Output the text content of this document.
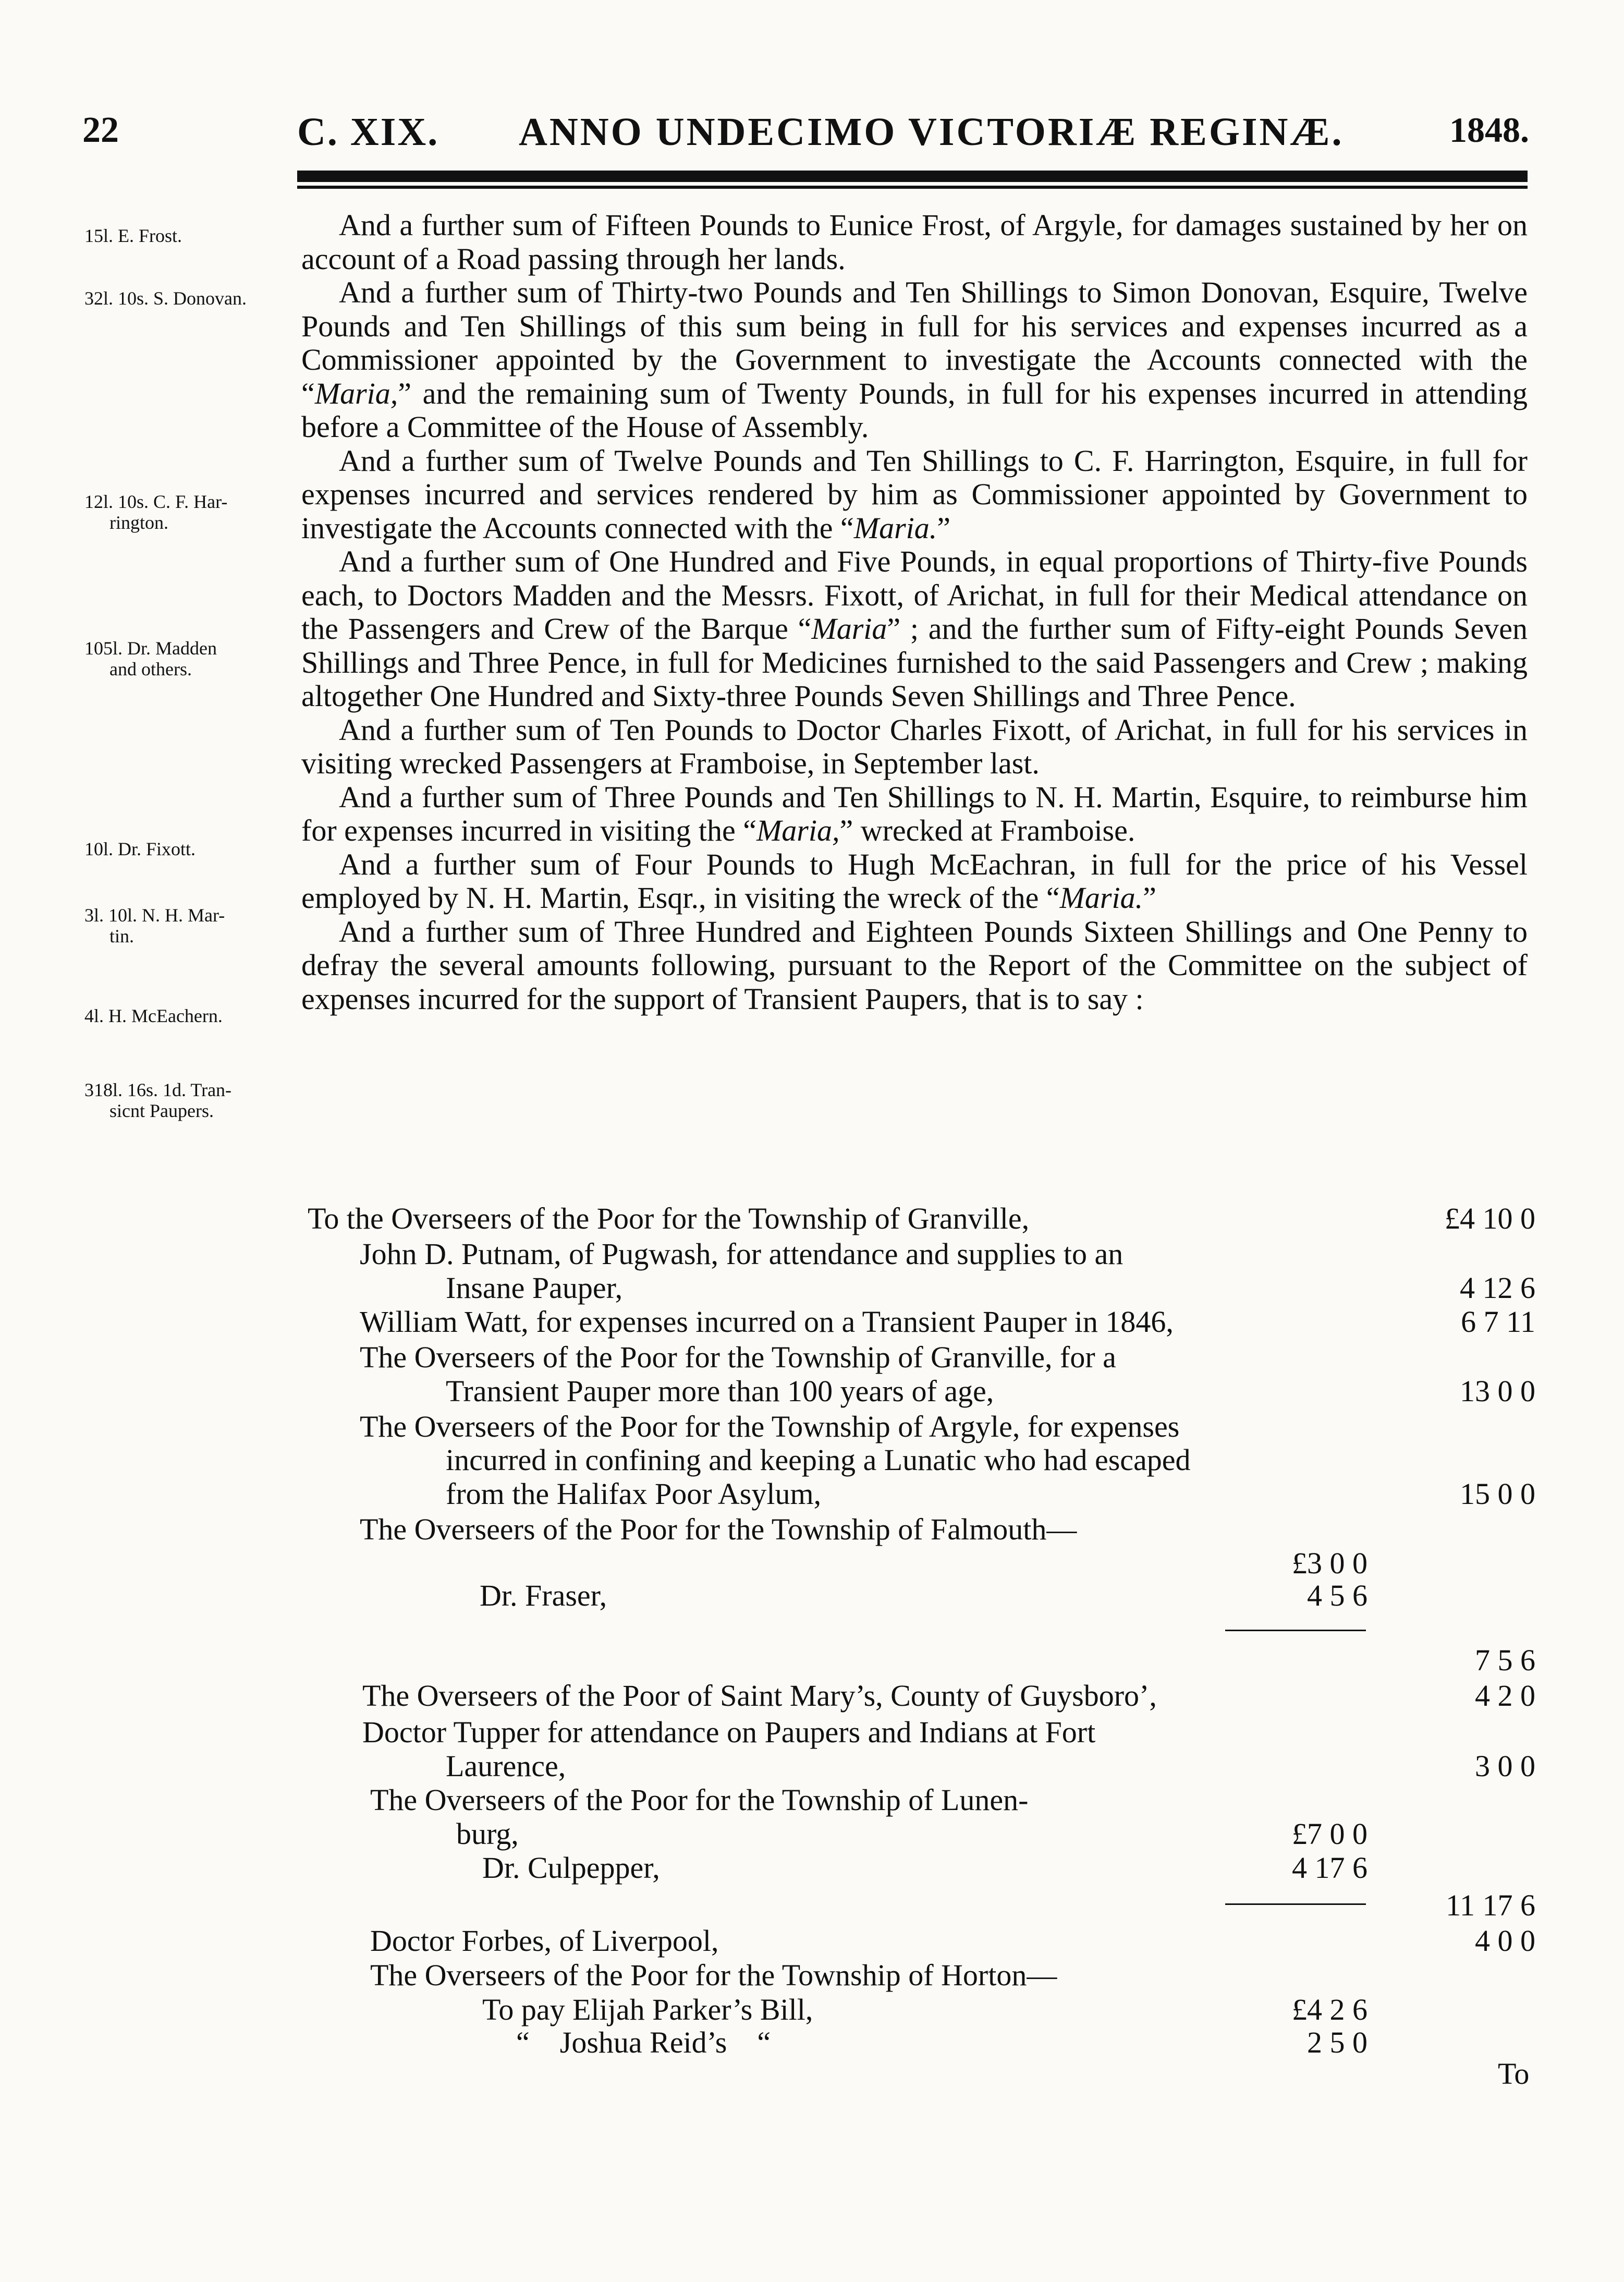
22	C. XIX. ANNO UNDECIMO VICTORIÆ REGINÆ.	1848.
15l. E. Frost.
32l. 10s. S. Donovan.
12l. 10s. C. F. Har-
rington.
105l. Dr. Madden
and others.
10l. Dr. Fixott.
3l. 10l. N. H. Mar-
tin.
4l. H. McEachern.
318l. 16s. 1d. Tran-
sicnt Paupers.
And a further sum of Fifteen Pounds to Eunice Frost, of Argyle, for damages sustained by her on account of a Road passing through her lands.
And a further sum of Thirty-two Pounds and Ten Shillings to Simon Donovan, Esquire, Twelve Pounds and Ten Shillings of this sum being in full for his services and expenses incurred as a Commissioner appointed by the Government to investigate the Accounts connected with the “Maria,” and the remaining sum of Twenty Pounds, in full for his expenses incurred in attending before a Committee of the House of Assembly.
And a further sum of Twelve Pounds and Ten Shillings to C. F. Harrington, Esquire, in full for expenses incurred and services rendered by him as Commissioner appointed by Government to investigate the Accounts connected with the “Maria.”
And a further sum of One Hundred and Five Pounds, in equal proportions of Thirty-five Pounds each, to Doctors Madden and the Messrs. Fixott, of Arichat, in full for their Medical attendance on the Passengers and Crew of the Barque “Maria” ; and the further sum of Fifty-eight Pounds Seven Shillings and Three Pence, in full for Medicines furnished to the said Passengers and Crew ; making altogether One Hundred and Sixty-three Pounds Seven Shillings and Three Pence.
And a further sum of Ten Pounds to Doctor Charles Fixott, of Arichat, in full for his services in visiting wrecked Passengers at Framboise, in September last.
And a further sum of Three Pounds and Ten Shillings to N. H. Martin, Esquire, to reimburse him for expenses incurred in visiting the “Maria,” wrecked at Framboise.
And a further sum of Four Pounds to Hugh McEachran, in full for the price of his Vessel employed by N. H. Martin, Esqr., in visiting the wreck of the “Maria.”
And a further sum of Three Hundred and Eighteen Pounds Sixteen Shillings and One Penny to defray the several amounts following, pursuant to the Report of the Committee on the subject of expenses incurred for the support of Transient Paupers, that is to say :
To the Overseers of the Poor for the Township of Granville,	£4 10 0
John D. Putnam, of Pugwash, for attendance and supplies to an
Insane Pauper,	4 12 6
William Watt, for expenses incurred on a Transient Pauper in 1846,	6 7 11
The Overseers of the Poor for the Township of Granville, for a
Transient Pauper more than 100 years of age,	13 0 0
The Overseers of the Poor for the Township of Argyle, for expenses
incurred in confining and keeping a Lunatic who had escaped
from the Halifax Poor Asylum,	15 0 0
The Overseers of the Poor for the Township of Falmouth—
£3 0 0
Dr. Fraser,	4 5 6
7 5 6
The Overseers of the Poor of Saint Mary’s, County of Guysboro’,	4 2 0
Doctor Tupper for attendance on Paupers and Indians at Fort
Laurence,	3 0 0
The Overseers of the Poor for the Township of Lunen-
burg,	£7 0 0
Dr. Culpepper,	4 17 6
11 17 6
Doctor Forbes, of Liverpool,	4 0 0
The Overseers of the Poor for the Township of Horton—
To pay Elijah Parker’s Bill,	£4 2 6
“    Joshua Reid’s    “	2 5 0
To
